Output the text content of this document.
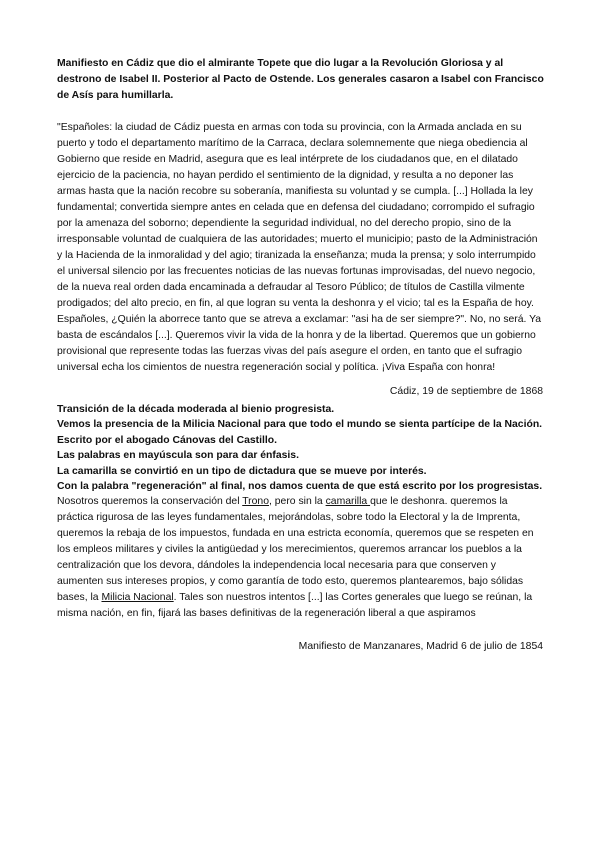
Manifiesto en Cádiz que dio el almirante Topete que dio lugar a la Revolución Gloriosa y al destrono de Isabel II. Posterior al Pacto de Ostende. Los generales casaron a Isabel con Francisco de Asís para humillarla.

"Españoles: la ciudad de Cádiz puesta en armas con toda su provincia, con la Armada anclada en su puerto y todo el departamento marítimo de la Carraca, declara solemnemente que niega obediencia al Gobierno que reside en Madrid, asegura que es leal intérprete de los ciudadanos que, en el dilatado ejercicio de la paciencia, no hayan perdido el sentimiento de la dignidad, y resulta a no deponer las armas hasta que la nación recobre su soberanía, manifiesta su voluntad y se cumpla. [...] Hollada la ley fundamental; convertida siempre antes en celada que en defensa del ciudadano; corrompido el sufragio por la amenaza del soborno; dependiente la seguridad individual, no del derecho propio, sino de la irresponsable voluntad de cualquiera de las autoridades; muerto el municipio; pasto de la Administración y la Hacienda de la inmoralidad y del agio; tiranizada la enseñanza; muda la prensa; y solo interrumpido el universal silencio por las frecuentes noticias de las nuevas fortunas improvisadas, del nuevo negocio, de la nueva real orden dada encaminada a defraudar al Tesoro Público; de títulos de Castilla vilmente prodigados; del alto precio, en fin, al que logran su venta la deshonra y el vicio; tal es la España de hoy. Españoles, ¿Quién la aborrece tanto que se atreva a exclamar: "asi ha de ser siempre?". No, no será. Ya basta de escándalos [...]. Queremos vivir la vida de la honra y de la libertad. Queremos que un gobierno provisional que represente todas las fuerzas vivas del país asegure el orden, en tanto que el sufragio universal echa los cimientos de nuestra regeneración social y política. ¡Viva España con honra!

Cádiz, 19 de septiembre de 1868

Transición de la década moderada al bienio progresista.
Vemos la presencia de la Milicia Nacional para que todo el mundo se sienta partícipe de la Nación.
Escrito por el abogado Cánovas del Castillo.
Las palabras en mayúscula son para dar énfasis.
La camarilla se convirtió en un tipo de dictadura que se mueve por interés.
Con la palabra "regeneración" al final, nos damos cuenta de que está escrito por los progresistas.

Nosotros queremos la conservación del Trono, pero sin la camarilla que le deshonra. queremos la práctica rigurosa de las leyes fundamentales, mejorándolas, sobre todo la Electoral y la de Imprenta, queremos la rebaja de los impuestos, fundada en una estricta economía, queremos que se respeten en los empleos militares y civiles la antigüedad y los merecimientos, queremos arrancar los pueblos a la centralización que los devora, dándoles la independencia local necesaria para que conserven y aumenten sus intereses propios, y como garantía de todo esto, queremos plantearemos, bajo sólidas bases, la Milicia Nacional. Tales son nuestros intentos [...] las Cortes generales que luego se reúnan, la misma nación, en fin, fijará las bases definitivas de la regeneración liberal a que aspiramos

Manifiesto de Manzanares, Madrid 6 de julio de 1854
